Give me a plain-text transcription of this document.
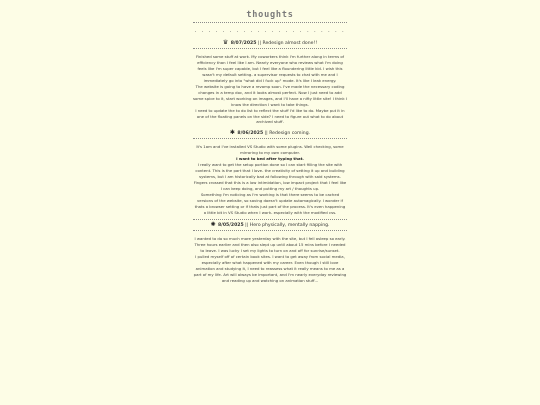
thoughts
. . . . . . . . . . . . . . . . . . . . . .
♛ 8/07/2025 || Redesign almost done!!

Finished some stuff at work. My coworkers think I'm further along in terms of efficiency than I feel like I am. Nearly everyone who reviews what I'm doing feels like I'm super capable, but I feel like a floundering little kid. I wish this wasn't my default setting- a supervisor requests to chat with me and I immediately go into "what did I fuck up" mode. It's like I leak energy.

The website is going to have a revamp soon. I've made the necessary coding changes in a temp doc, and it looks almost perfect. Now I just need to add some spice to it, start working on images, and I'll have a nifty little site! I think I know the direction I want to take things.

I need to update the to do list to reflect the stuff I'd like to do. Maybe put it in one of the floating panels on the side? I need to figure out what to do about archived stuff.

✱ 8/06/2025 || Redesign coming.

It's 1am and I've installed VS Studio with some plugins. Well checking, some mirroring to my own computer.

I want to bed after typing that.

I really want to get the setup portion done so I can start filling the site with content. This is the part that I love- the creativity of setting it up and building systems, but I am historically bad at following through with said systems. Fingers crossed that this is a low intimidation, low impact project that I feel like I can keep doing, and putting my art / thoughts up.

Something I'm noticing as I'm working is that there seems to be cached versions of the website, so saving doesn't update automagically. I wonder if thats a browser setting or if thats just part of the process. It's even happening a little bit in VS Studio when I work- especially with the modified css.

✺ 8/05/2025 || Hero physically, mentally napping.

I wanted to do so much more yesterday with the site, but I fell asleep so early. Three hours earlier and then also slept up until about 15 mins before I needed to leave. I was lucky I set my lights to turn on and off for sunrise/sunset.

I pulled myself off of certain book sites. I want to get away from social media, especially after what happened with my career. Even though I still love animation and studying it, I need to reassess what it really means to me as a part of my life. Art will always be important, and I'm nearly everyday reviewing and reading up and watching on animation stuff...
